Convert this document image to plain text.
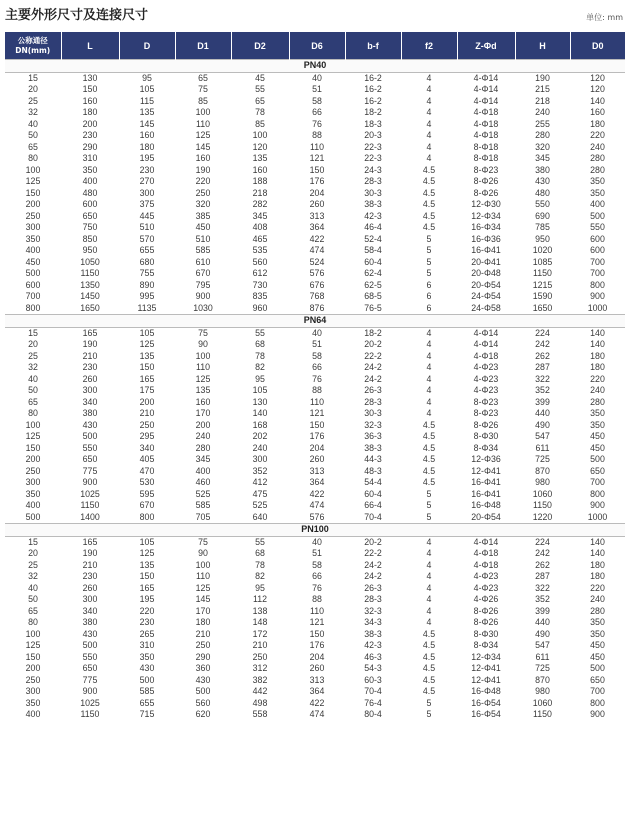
主要外形尺寸及连接尺寸	单位: mm
公称通径
DN(mm)	L	D	D1	D2	D6	b-f	f2	Z-Φd	H	D0
PN40										
15	130	95	65	45	40	16-2	4	4-Φ14	190	120
20	150	105	75	55	51	16-2	4	4-Φ14	215	120
25	160	115	85	65	58	16-2	4	4-Φ14	218	140
32	180	135	100	78	66	18-2	4	4-Φ18	240	160
40	200	145	110	85	76	18-3	4	4-Φ18	255	180
50	230	160	125	100	88	20-3	4	4-Φ18	280	220
65	290	180	145	120	110	22-3	4	8-Φ18	320	240
80	310	195	160	135	121	22-3	4	8-Φ18	345	280
100	350	230	190	160	150	24-3	4.5	8-Φ23	380	280
125	400	270	220	188	176	28-3	4.5	8-Φ26	430	350
150	480	300	250	218	204	30-3	4.5	8-Φ26	480	350
200	600	375	320	282	260	38-3	4.5	12-Φ30	550	400
250	650	445	385	345	313	42-3	4.5	12-Φ34	690	500
300	750	510	450	408	364	46-4	4.5	16-Φ34	785	550
350	850	570	510	465	422	52-4	5	16-Φ36	950	600
400	950	655	585	535	474	58-4	5	16-Φ41	1020	600
450	1050	680	610	560	524	60-4	5	20-Φ41	1085	700
500	1150	755	670	612	576	62-4	5	20-Φ48	1150	700
600	1350	890	795	730	676	62-5	6	20-Φ54	1215	800
700	1450	995	900	835	768	68-5	6	24-Φ54	1590	900
800	1650	1135	1030	960	876	76-5	6	24-Φ58	1650	1000
PN64										
15	165	105	75	55	40	18-2	4	4-Φ14	224	140
20	190	125	90	68	51	20-2	4	4-Φ14	242	140
25	210	135	100	78	58	22-2	4	4-Φ18	262	180
32	230	150	110	82	66	24-2	4	4-Φ23	287	180
40	260	165	125	95	76	24-2	4	4-Φ23	322	220
50	300	175	135	105	88	26-3	4	4-Φ23	352	240
65	340	200	160	130	110	28-3	4	8-Φ23	399	280
80	380	210	170	140	121	30-3	4	8-Φ23	440	350
100	430	250	200	168	150	32-3	4.5	8-Φ26	490	350
125	500	295	240	202	176	36-3	4.5	8-Φ30	547	450
150	550	340	280	240	204	38-3	4.5	8-Φ34	611	450
200	650	405	345	300	260	44-3	4.5	12-Φ36	725	500
250	775	470	400	352	313	48-3	4.5	12-Φ41	870	650
300	900	530	460	412	364	54-4	4.5	16-Φ41	980	700
350	1025	595	525	475	422	60-4	5	16-Φ41	1060	800
400	1150	670	585	525	474	66-4	5	16-Φ48	1150	900
500	1400	800	705	640	576	70-4	5	20-Φ54	1220	1000
PN100										
15	165	105	75	55	40	20-2	4	4-Φ14	224	140
20	190	125	90	68	51	22-2	4	4-Φ18	242	140
25	210	135	100	78	58	24-2	4	4-Φ18	262	180
32	230	150	110	82	66	24-2	4	4-Φ23	287	180
40	260	165	125	95	76	26-3	4	4-Φ23	322	220
50	300	195	145	112	88	28-3	4	4-Φ26	352	240
65	340	220	170	138	110	32-3	4	8-Φ26	399	280
80	380	230	180	148	121	34-3	4	8-Φ26	440	350
100	430	265	210	172	150	38-3	4.5	8-Φ30	490	350
125	500	310	250	210	176	42-3	4.5	8-Φ34	547	450
150	550	350	290	250	204	46-3	4.5	12-Φ34	611	450
200	650	430	360	312	260	54-3	4.5	12-Φ41	725	500
250	775	500	430	382	313	60-3	4.5	12-Φ41	870	650
300	900	585	500	442	364	70-4	4.5	16-Φ48	980	700
350	1025	655	560	498	422	76-4	5	16-Φ54	1060	800
400	1150	715	620	558	474	80-4	5	16-Φ54	1150	900
